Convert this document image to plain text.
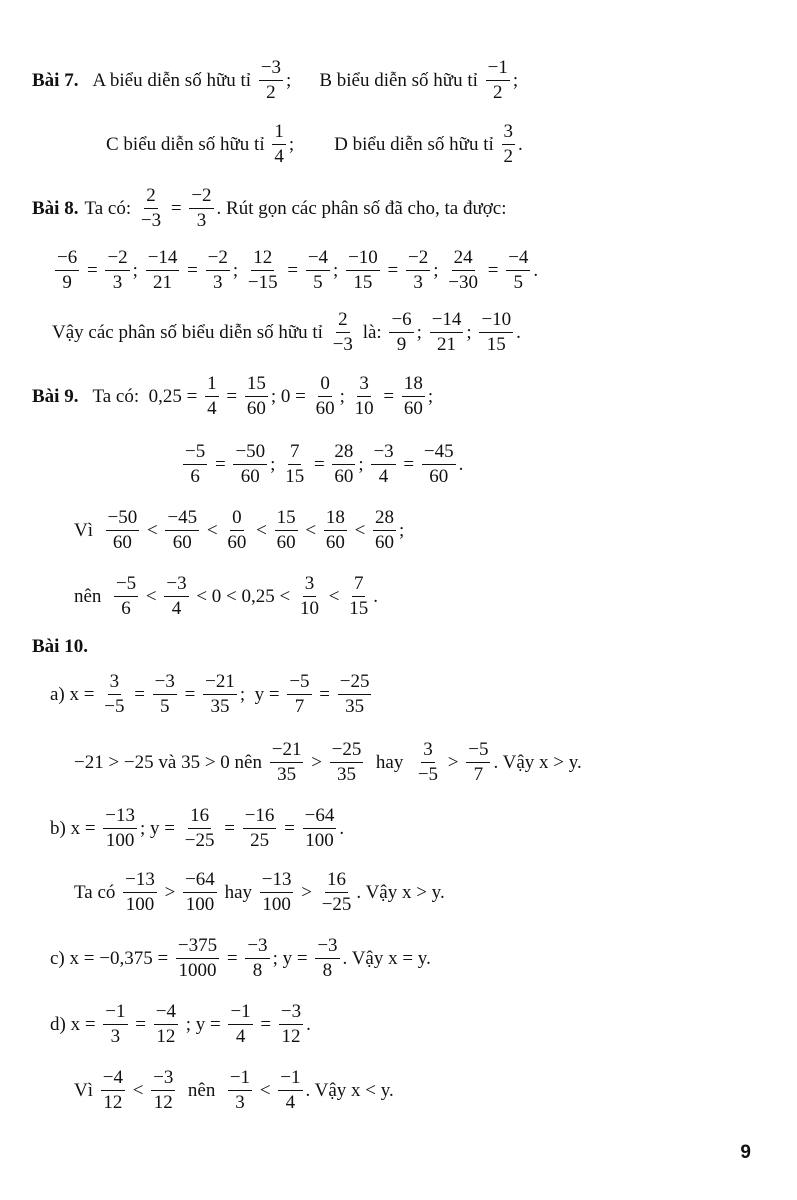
Bài 7. A biểu diễn số hữu tỉ $\frac{-3}{2}$ ; B biểu diễn số hữu tỉ $\frac{-1}{2}$ ;
C biểu diễn số hữu tỉ $\frac{1}{4}$ ; D biểu diễn số hữu tỉ $\frac{3}{2}$ .
Bài 8. Ta có: $\frac{2}{-3} = \frac{-2}{3}$ . Rút gọn các phân số đã cho, ta được:
$\frac{-6}{9} = \frac{-2}{3}$ ; $\frac{-14}{21} = \frac{-2}{3}$ ; $\frac{12}{-15} = \frac{-4}{5}$ ; $\frac{-10}{15} = \frac{-2}{3}$ ; $\frac{24}{-30} = \frac{-4}{5}$ .
Vậy các phân số biểu diễn số hữu tỉ $\frac{2}{-3}$ là: $\frac{-6}{9}$ ; $\frac{-14}{21}$ ; $\frac{-10}{15}$ .
Bài 9. Ta có:  $0,25 = \frac{1}{4} = \frac{15}{60}$ ; $0 = \frac{0}{60}$ ; $\frac{3}{10} = \frac{18}{60}$ ;
$\frac{-5}{6} = \frac{-50}{60}$ ; $\frac{7}{15} = \frac{28}{60}$ ; $\frac{-3}{4} = \frac{-45}{60}$ .
Vì $\frac{-50}{60} < \frac{-45}{60} < \frac{0}{60} < \frac{15}{60} < \frac{18}{60} < \frac{28}{60}$ ;
nên $\frac{-5}{6} < \frac{-3}{4} < 0 < 0,25 < \frac{3}{10} < \frac{7}{15}$ .
Bài 10.
a) $x = \frac{3}{-5} = \frac{-3}{5} = \frac{-21}{35}$ ;  $y = \frac{-5}{7} = \frac{-25}{35}$
−21 > −25 và 35 > 0 nên $\frac{-21}{35} > \frac{-25}{35}$ hay $\frac{3}{-5} > \frac{-5}{7}$ . Vậy x > y.
b) $x = \frac{-13}{100}$ ; $y = \frac{16}{-25} = \frac{-16}{25} = \frac{-64}{100}$ .
Ta có $\frac{-13}{100} > \frac{-64}{100}$ hay $\frac{-13}{100} > \frac{16}{-25}$ . Vậy x > y.
c) $x = -0,375 = \frac{-375}{1000} = \frac{-3}{8}$ ; $y = \frac{-3}{8}$ . Vậy x = y.
d) $x = \frac{-1}{3} = \frac{-4}{12}$ ; $y = \frac{-1}{4} = \frac{-3}{12}$ .
Vì $\frac{-4}{12} < \frac{-3}{12}$ nên $\frac{-1}{3} < \frac{-1}{4}$ . Vậy x < y.
9
